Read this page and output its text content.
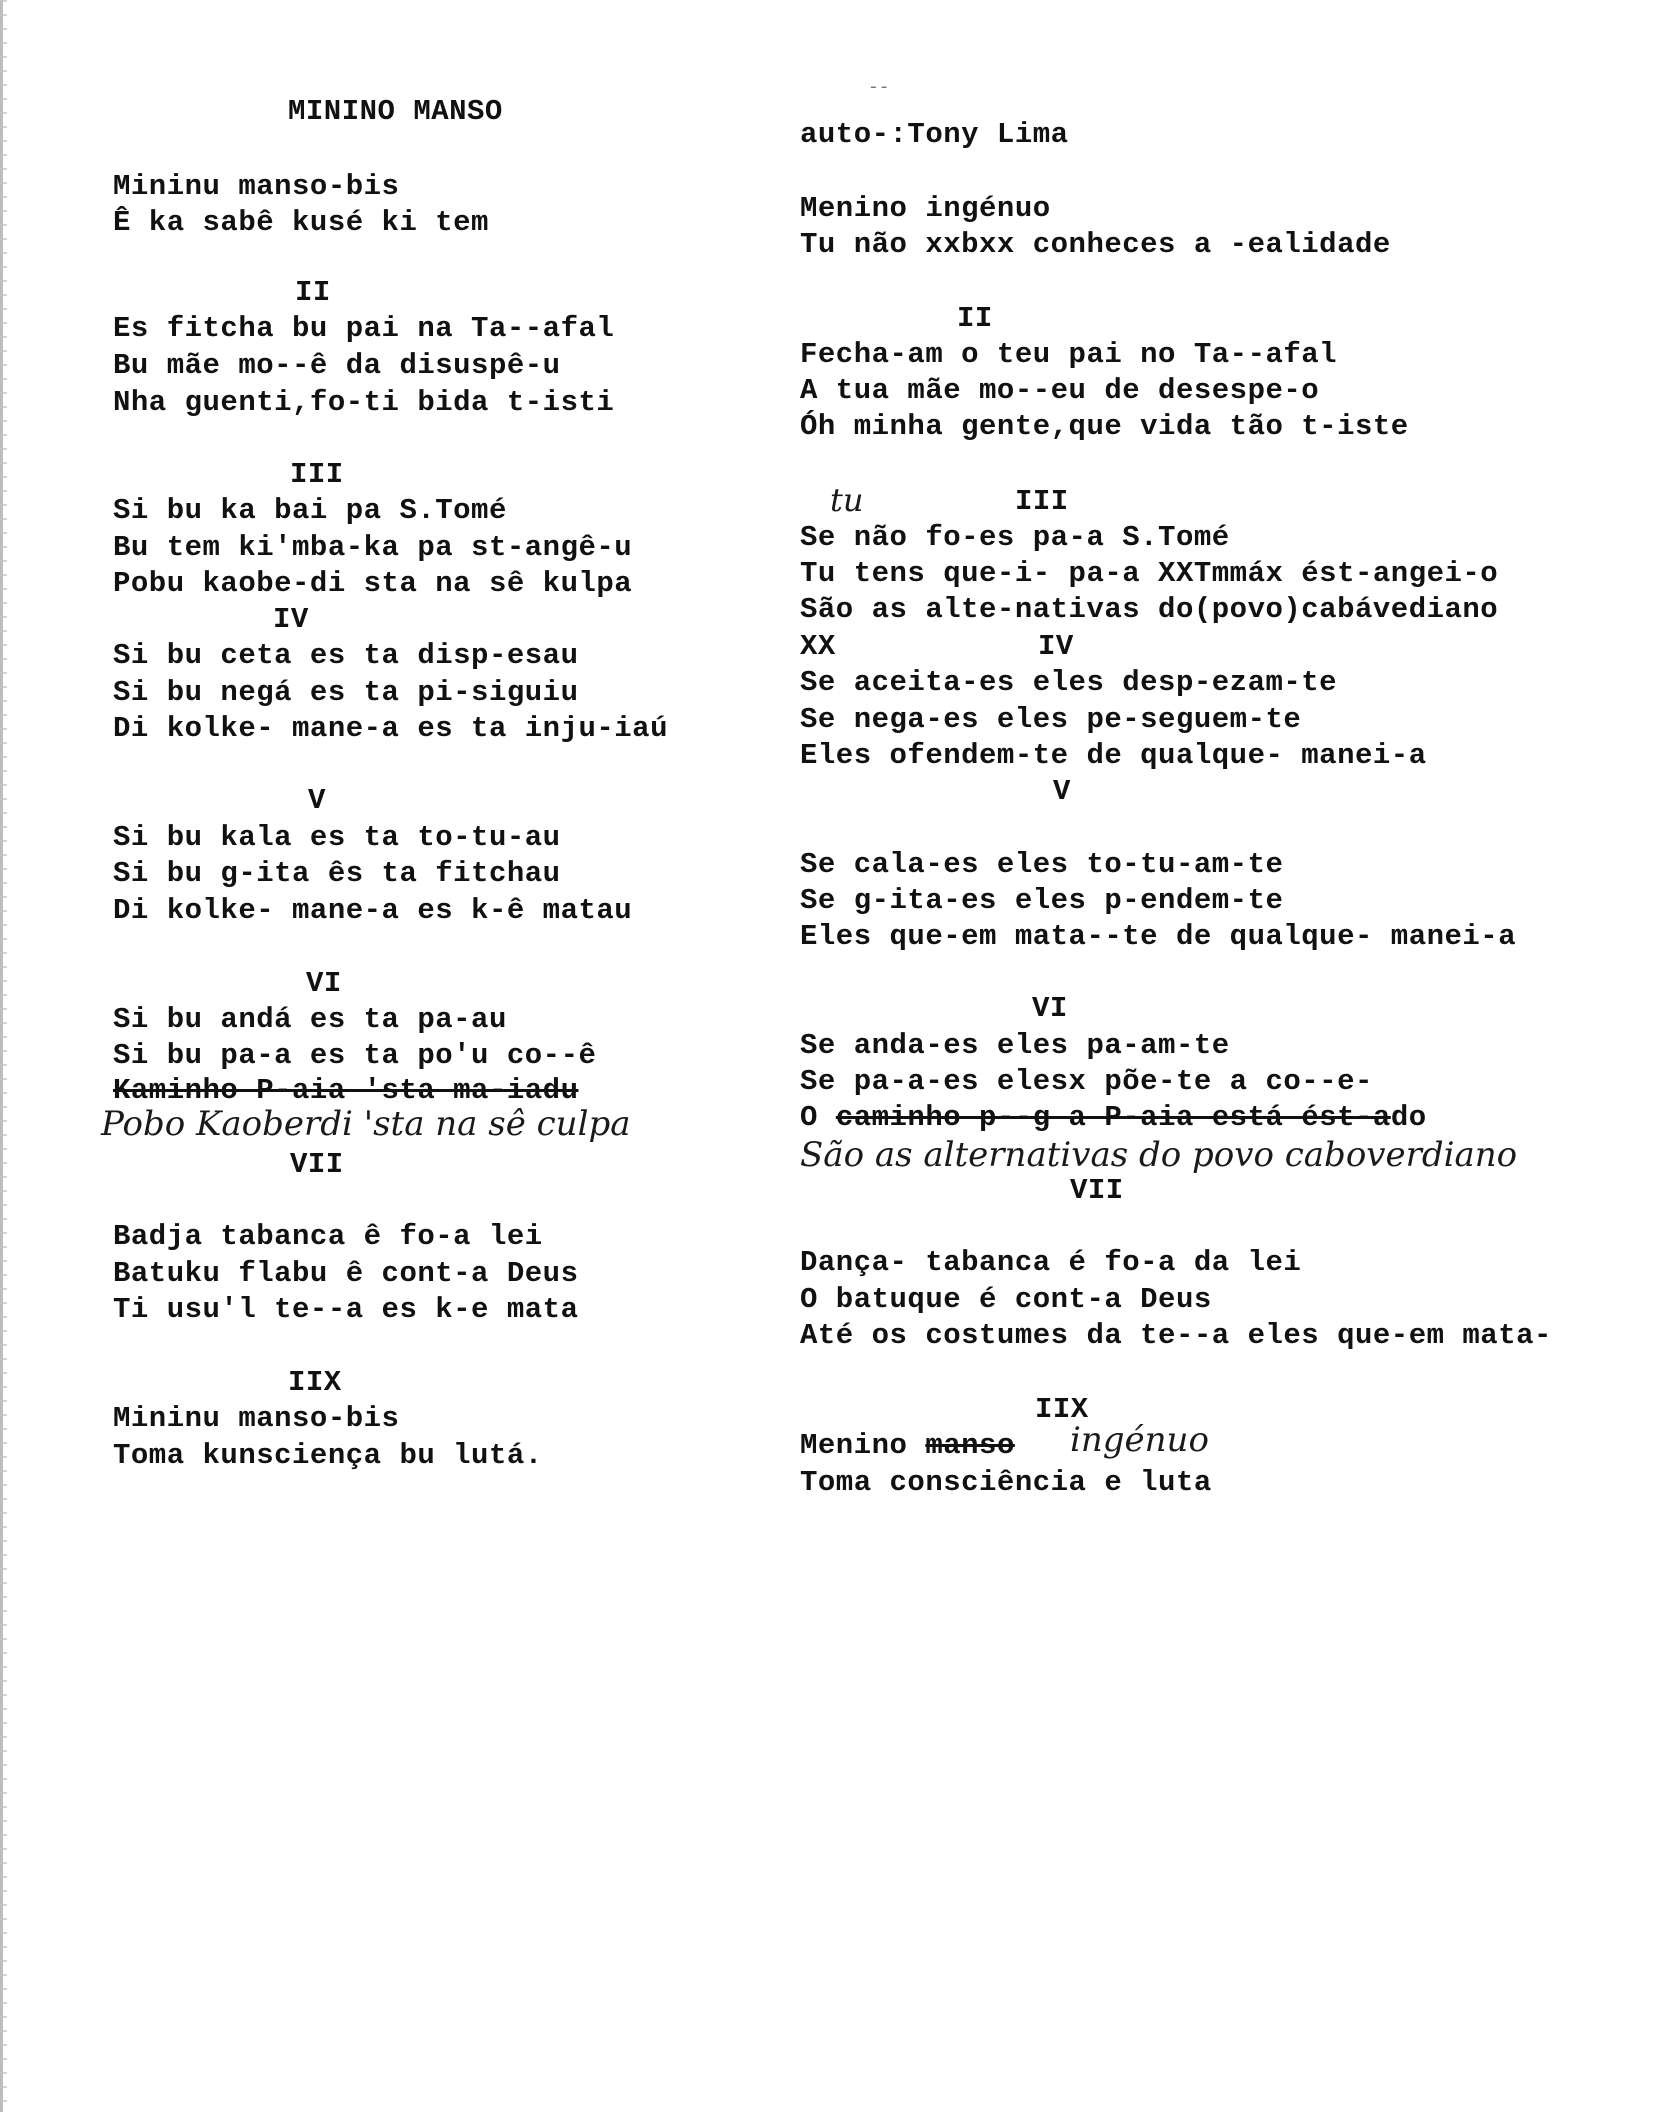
MININO MANSO
Mininu manso-bis
Ê ka sabê kusé ki tem
II
Es fitcha bu pai na Ta--afal
Bu mãe mo--ê da disuspê-u
Nha guenti,fo-ti bida t-isti
III
Si bu ka bai pa S.Tomé
Bu tem ki'mba-ka pa st-angê-u
Pobu kaobe-di sta na sê kulpa
IV
Si bu ceta es ta disp-esau
Si bu negá es ta pi-siguiu
Di kolke- mane-a es ta inju-iaú
V
Si bu kala es ta to-tu-au
Si bu g-ita ês ta fitchau
Di kolke- mane-a es k-ê matau
VI
Si bu andá es ta pa-au
Si bu pa-a es ta po'u co--ê
Kaminho P-aia 'sta ma-iadu
Pobo Kaoberdi 'sta na sê culpa
VII
Badja tabanca ê fo-a lei
Batuku flabu ê cont-a Deus
Ti usu'l te--a es k-e mata
IIX
Mininu manso-bis
Toma kunsciença bu lutá.
--
auto-:Tony Lima
Menino ingénuo
Tu não xxbxx conheces a -ealidade
II
Fecha-am o teu pai no Ta--afal
A tua mãe mo--eu de desespe-o
Óh minha gente,que vida tão t-iste
tu	III
Se não fo-es pa-a S.Tomé
Tu tens que-i- pa-a XXTmmáx ést-angei-o
São as alte-nativas do(povo)cabávediano
XX	IV
Se aceita-es eles desp-ezam-te
Se nega-es eles pe-seguem-te
Eles ofendem-te de qualque- manei-a
V
Se cala-es eles to-tu-am-te
Se g-ita-es eles p-endem-te
Eles que-em mata--te de qualque- manei-a
VI
Se anda-es eles pa-am-te
Se pa-a-es elesx põe-te a co--e-
O caminho p--g a P-aia está ést-ado
São as alternativas do povo caboverdiano
VII
Dança- tabanca é fo-a da lei
O batuque é cont-a Deus
Até os costumes da te--a eles que-em mata-
IIX
Menino manso ingénuo
Toma consciência e luta
